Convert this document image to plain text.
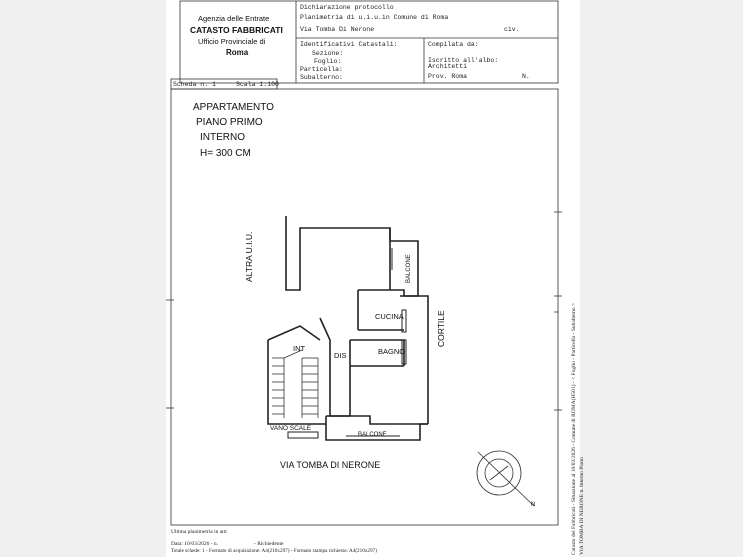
Agenzia delle Entrate
CATASTO FABBRICATI
Ufficio Provinciale di
Roma
Dichiarazione protocollo
Planimetria di u.i.u.in Comune di Roma
Via Tomba Di Nerone	civ.
Identificativi Catastali:
Sezione:
Foglio:
Particella:
Subalterno:
Compilata da:
Iscritto all'albo:
Architetti
Prov. Roma	N.
Scheda n. 1	Scala 1:100
APPARTAMENTO
PIANO PRIMO
INTERNO
H= 300 CM
ALTRA U.I.U.	BALCONE
CUCINA
BAGNO
DIS
INT
VANO SCALE
BALCONE
CORTILE
VIA TOMBA DI NERONE
N
Ultima planimetria in atti
Data: 10/03/2026 - n.	- Richiedente
Totale schede: 1 - Formato di acquisizione: A4(210x297) - Formato stampa richiesto: A4(210x297)	Catasto dei Fabbricati - Situazione al 10/03/2026 - Comune di ROMA(H501) - < Foglio - Particella - Subalterno > VIA TOMBA DI NERONE n. Interno Piano
